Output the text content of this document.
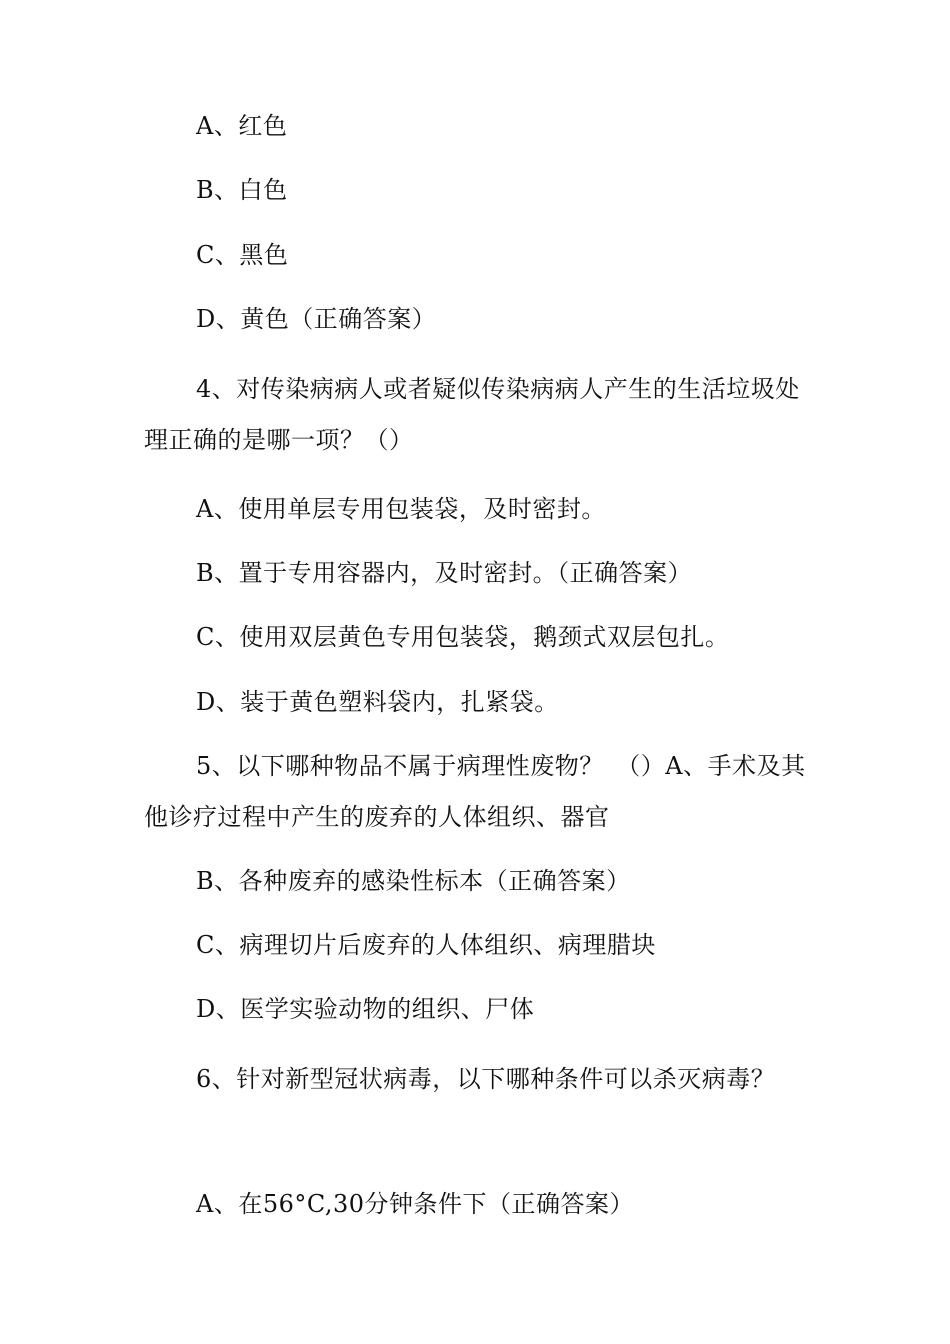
A、红色
B、白色
C、黑色
D、黄色（正确答案）
4、对传染病病人或者疑似传染病病人产生的生活垃圾处
理正确的是哪一项？（）
A、使用单层专用包装袋，及时密封。
B、置于专用容器内，及时密封。（正确答案）
C、使用双层黄色专用包装袋，鹅颈式双层包扎。
D、装于黄色塑料袋内，扎紧袋。
5、以下哪种物品不属于病理性废物？　（）A、手术及其
他诊疗过程中产生的废弃的人体组织、器官
B、各种废弃的感染性标本（正确答案）
C、病理切片后废弃的人体组织、病理腊块
D、医学实验动物的组织、尸体
6、针对新型冠状病毒，以下哪种条件可以杀灭病毒？
A、在56°C,30分钟条件下（正确答案）
